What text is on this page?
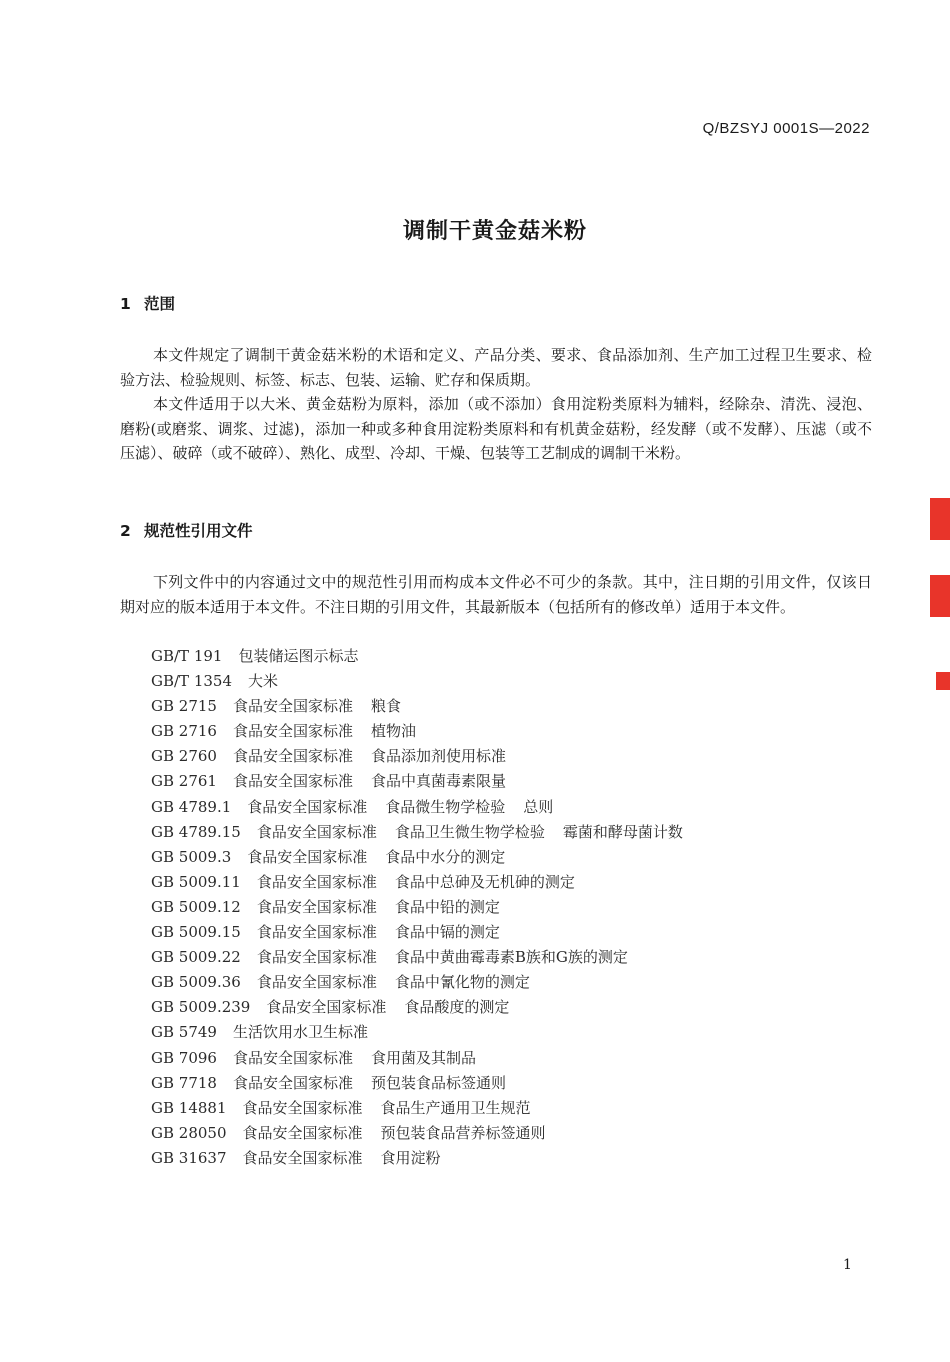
Q/BZSYJ 0001S—2022
调制干黄金菇米粉
1 范围

本文件规定了调制干黄金菇米粉的术语和定义、产品分类、要求、食品添加剂、生产加工过程卫生要求、检验方法、检验规则、标签、标志、包装、运输、贮存和保质期。

本文件适用于以大米、黄金菇粉为原料，添加（或不添加）食用淀粉类原料为辅料，经除杂、清洗、浸泡、磨粉(或磨浆、调浆、过滤)，添加一种或多种食用淀粉类原料和有机黄金菇粉，经发酵（或不发酵）、压滤（或不压滤）、破碎（或不破碎）、熟化、成型、冷却、干燥、包装等工艺制成的调制干米粉。

2 规范性引用文件

下列文件中的内容通过文中的规范性引用而构成本文件必不可少的条款。其中，注日期的引用文件，仅该日期对应的版本适用于本文件。不注日期的引用文件，其最新版本（包括所有的修改单）适用于本文件。

GB/T 191 包装储运图示标志
GB/T 1354 大米
GB 2715 食品安全国家标准 粮食
GB 2716 食品安全国家标准 植物油
GB 2760 食品安全国家标准 食品添加剂使用标准
GB 2761 食品安全国家标准 食品中真菌毒素限量
GB 4789.1 食品安全国家标准 食品微生物学检验 总则
GB 4789.15 食品安全国家标准 食品卫生微生物学检验 霉菌和酵母菌计数
GB 5009.3 食品安全国家标准 食品中水分的测定
GB 5009.11 食品安全国家标准 食品中总砷及无机砷的测定
GB 5009.12 食品安全国家标准 食品中铅的测定
GB 5009.15 食品安全国家标准 食品中镉的测定
GB 5009.22 食品安全国家标准 食品中黄曲霉毒素B族和G族的测定
GB 5009.36 食品安全国家标准 食品中氰化物的测定
GB 5009.239 食品安全国家标准 食品酸度的测定
GB 5749 生活饮用水卫生标准
GB 7096 食品安全国家标准 食用菌及其制品
GB 7718 食品安全国家标准 预包装食品标签通则
GB 14881 食品安全国家标准 食品生产通用卫生规范
GB 28050 食品安全国家标准 预包装食品营养标签通则
GB 31637 食品安全国家标准 食用淀粉
1
